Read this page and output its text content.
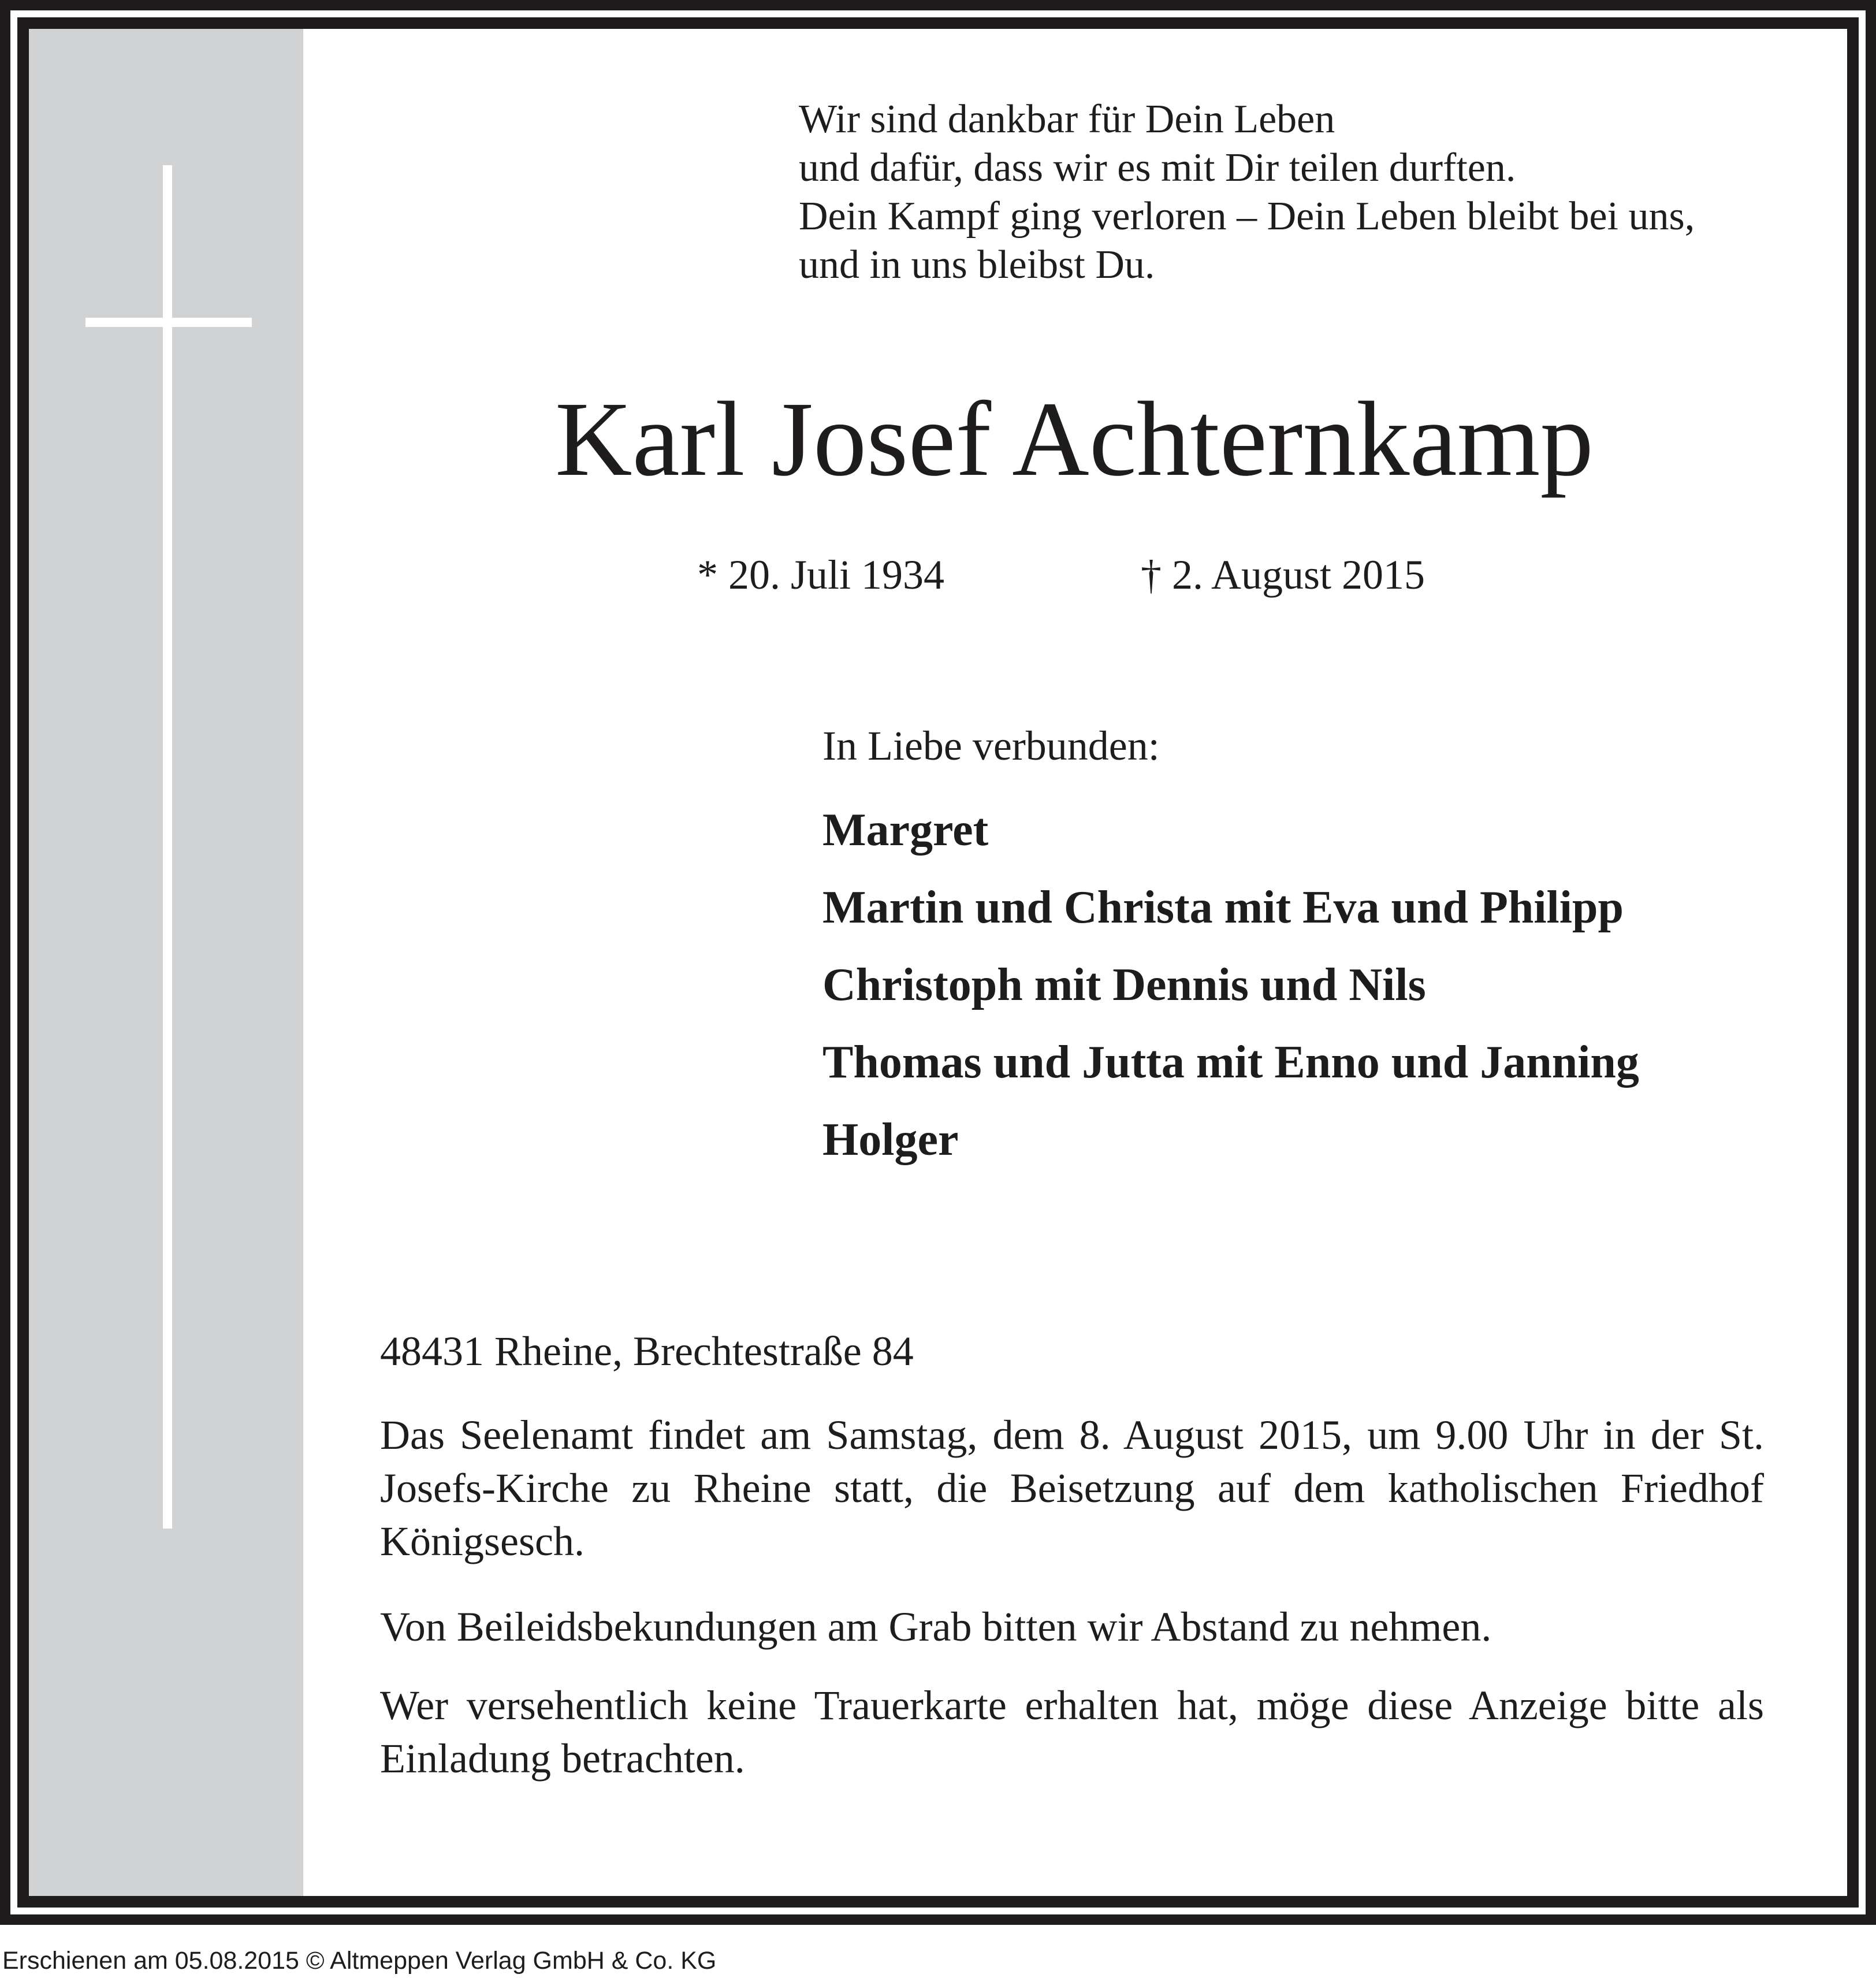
Wir sind dankbar für Dein Leben
und dafür, dass wir es mit Dir teilen durften.
Dein Kampf ging verloren – Dein Leben bleibt bei uns,
und in uns bleibst Du.
Karl Josef Achternkamp
* 20. Juli 1934	† 2. August 2015
In Liebe verbunden:
Margret
Martin und Christa mit Eva und Philipp
Christoph mit Dennis und Nils
Thomas und Jutta mit Enno und Janning
Holger
48431 Rheine, Brechtestraße 84
Das Seelenamt findet am Samstag, dem 8. August 2015, um 9.00 Uhr in der St. Josefs-Kirche zu Rheine statt, die Beisetzung auf dem katholischen Friedhof Königsesch.
Von Beileidsbekundungen am Grab bitten wir Abstand zu nehmen.
Wer versehentlich keine Trauerkarte erhalten hat, möge diese Anzeige bitte als Einladung betrachten.
Erschienen am 05.08.2015 © Altmeppen Verlag GmbH & Co. KG
